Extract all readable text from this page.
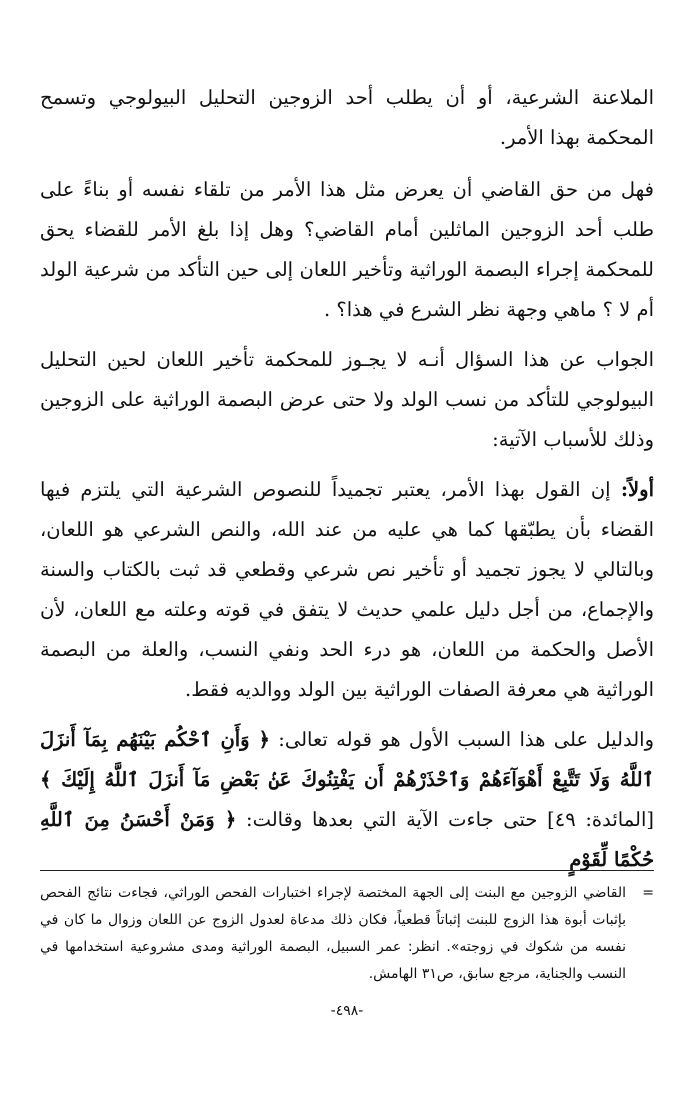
الملاعنة الشرعية، أو أن يطلب أحد الزوجين التحليل البيولوجي وتسمح المحكمة بهذا الأمر.

فهل من حق القاضي أن يعرض مثل هذا الأمر من تلقاء نفسه أو بناءً على طلب أحد الزوجين الماثلين أمام القاضي؟ وهل إذا بلغ الأمر للقضاء يحق للمحكمة إجراء البصمة الوراثية وتأخير اللعان إلى حين التأكد من شرعية الولد أم لا ؟ ماهي وجهة نظر الشرع في هذا؟ .

الجواب عن هذا السؤال أنـه لا يجـوز للمحكمة تأخير اللعان لحين التحليل البيولوجي للتأكد من نسب الولد ولا حتى عرض البصمة الوراثية على الزوجين وذلك للأسباب الآتية:

أولاً: إن القول بهذا الأمر، يعتبر تجميداً للنصوص الشرعية التي يلتزم فيها القضاء بأن يطبّقها كما هي عليه من عند الله، والنص الشرعي هو اللعان، وبالتالي لا يجوز تجميد أو تأخير نص شرعي وقطعي قد ثبت بالكتاب والسنة والإجماع، من أجل دليل علمي حديث لا يتفق في قوته وعلته مع اللعان، لأن الأصل والحكمة من اللعان، هو درء الحد ونفي النسب، والعلة من البصمة الوراثية هي معرفة الصفات الوراثية بين الولد ووالديه فقط.

والدليل على هذا السبب الأول هو قوله تعالى: ﴿ وَأَنِ ٱحْكُم بَيْنَهُم بِمَآ أَنزَلَ ٱللَّهُ وَلَا تَتَّبِعْ أَهْوَآءَهُمْ وَٱحْذَرْهُمْ أَن يَفْتِنُوكَ عَنۢ بَعْضِ مَآ أَنزَلَ ٱللَّهُ إِلَيْكَ ﴾ [المائدة: ٤٩] حتى جاءت الآية التي بعدها وقالت: ﴿ وَمَنْ أَحْسَنُ مِنَ ٱللَّهِ حُكْمًا لِّقَوْمٍ

=
القاضي الزوجين مع البنت إلى الجهة المختصة لإجراء اختبارات الفحص الوراثي، فجاءت نتائج الفحص بإثبات أبوة هذا الزوج للبنت إثباتاً قطعياً، فكان ذلك مدعاة لعدول الزوج عن اللعان وزوال ما كان في نفسه من شكوك في زوجته». انظر: عمر السبيل، البصمة الوراثية ومدى مشروعية استخدامها في النسب والجناية، مرجع سابق، ص٣١ الهامش.
-٤٩٨-
